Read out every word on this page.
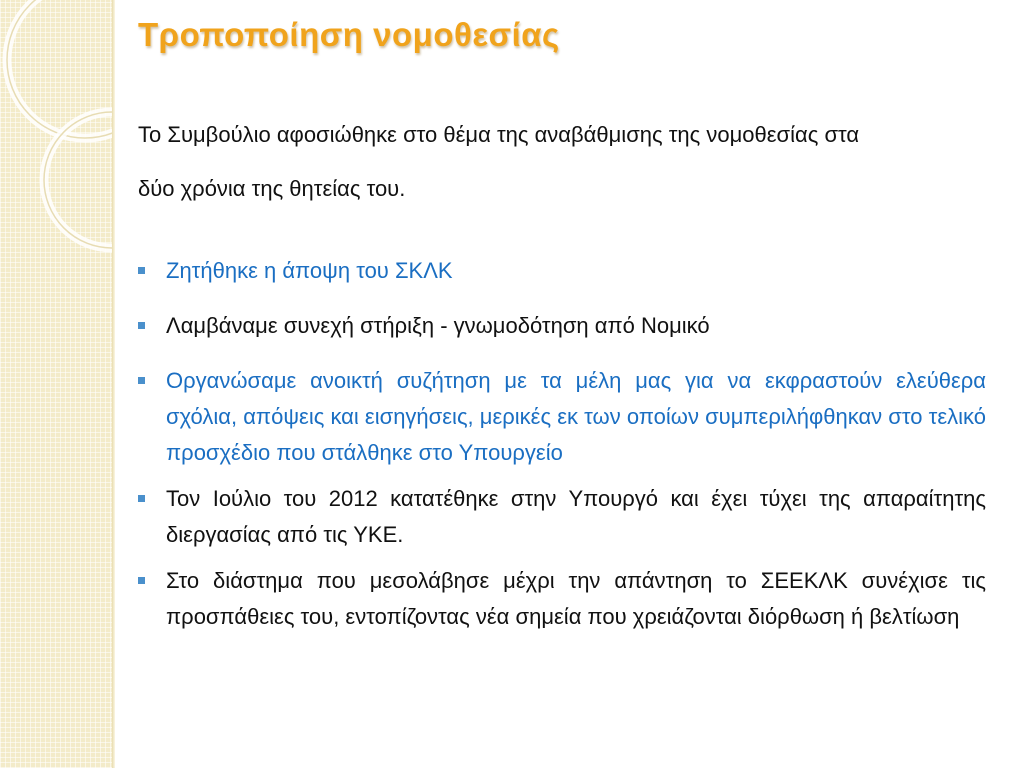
Τροποποίηση νομοθεσίας

Το Συμβούλιο αφοσιώθηκε στο θέμα της αναβάθμισης της νομοθεσίας στα δύο χρόνια της θητείας του.

Ζητήθηκε η άποψη του ΣΚΛΚ
Λαμβάναμε συνεχή στήριξη - γνωμοδότηση από Νομικό
Οργανώσαμε ανοικτή συζήτηση με τα μέλη μας για να εκφραστούν ελεύθερα σχόλια, απόψεις και εισηγήσεις, μερικές εκ των οποίων συμπεριλήφθηκαν στο τελικό προσχέδιο που στάλθηκε στο Υπουργείο
Τον Ιούλιο του 2012 κατατέθηκε στην Υπουργό και έχει τύχει της απαραίτητης διεργασίας από τις ΥΚΕ.
Στο διάστημα που μεσολάβησε μέχρι την απάντηση το ΣΕΕΚΛΚ συνέχισε τις προσπάθειες του, εντοπίζοντας νέα σημεία που χρειάζονται διόρθωση ή βελτίωση
